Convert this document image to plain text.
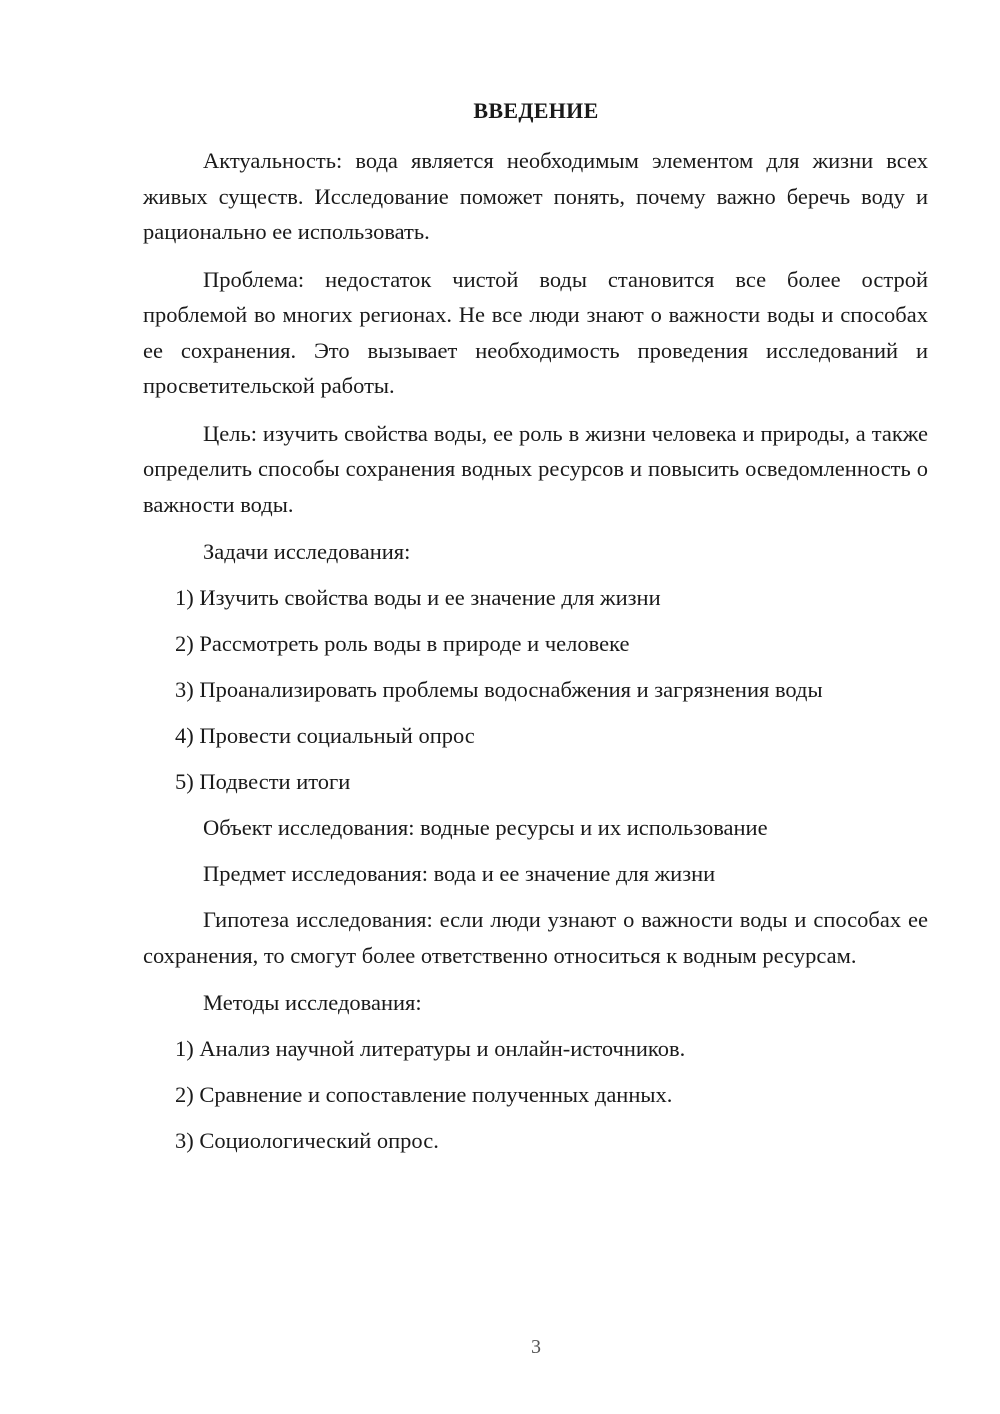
ВВЕДЕНИЕ

Актуальность: вода является необходимым элементом для жизни всех живых существ. Исследование поможет понять, почему важно беречь воду и рационально ее использовать.

Проблема: недостаток чистой воды становится все более острой проблемой во многих регионах. Не все люди знают о важности воды и способах ее сохранения. Это вызывает необходимость проведения исследований и просветительской работы.

Цель: изучить свойства воды, ее роль в жизни человека и природы, а также определить способы сохранения водных ресурсов и повысить осведомленность о важности воды.

Задачи исследования:
1) Изучить свойства воды и ее значение для жизни
2) Рассмотреть роль воды в природе и человеке
3) Проанализировать проблемы водоснабжения и загрязнения воды
4) Провести социальный опрос
5) Подвести итоги
Объект исследования: водные ресурсы и их использование
Предмет исследования: вода и ее значение для жизни

Гипотеза исследования: если люди узнают о важности воды и способах ее сохранения, то смогут более ответственно относиться к водным ресурсам.

Методы исследования:
1) Анализ научной литературы и онлайн-источников.
2) Сравнение и сопоставление полученных данных.
3) Социологический опрос.
3
